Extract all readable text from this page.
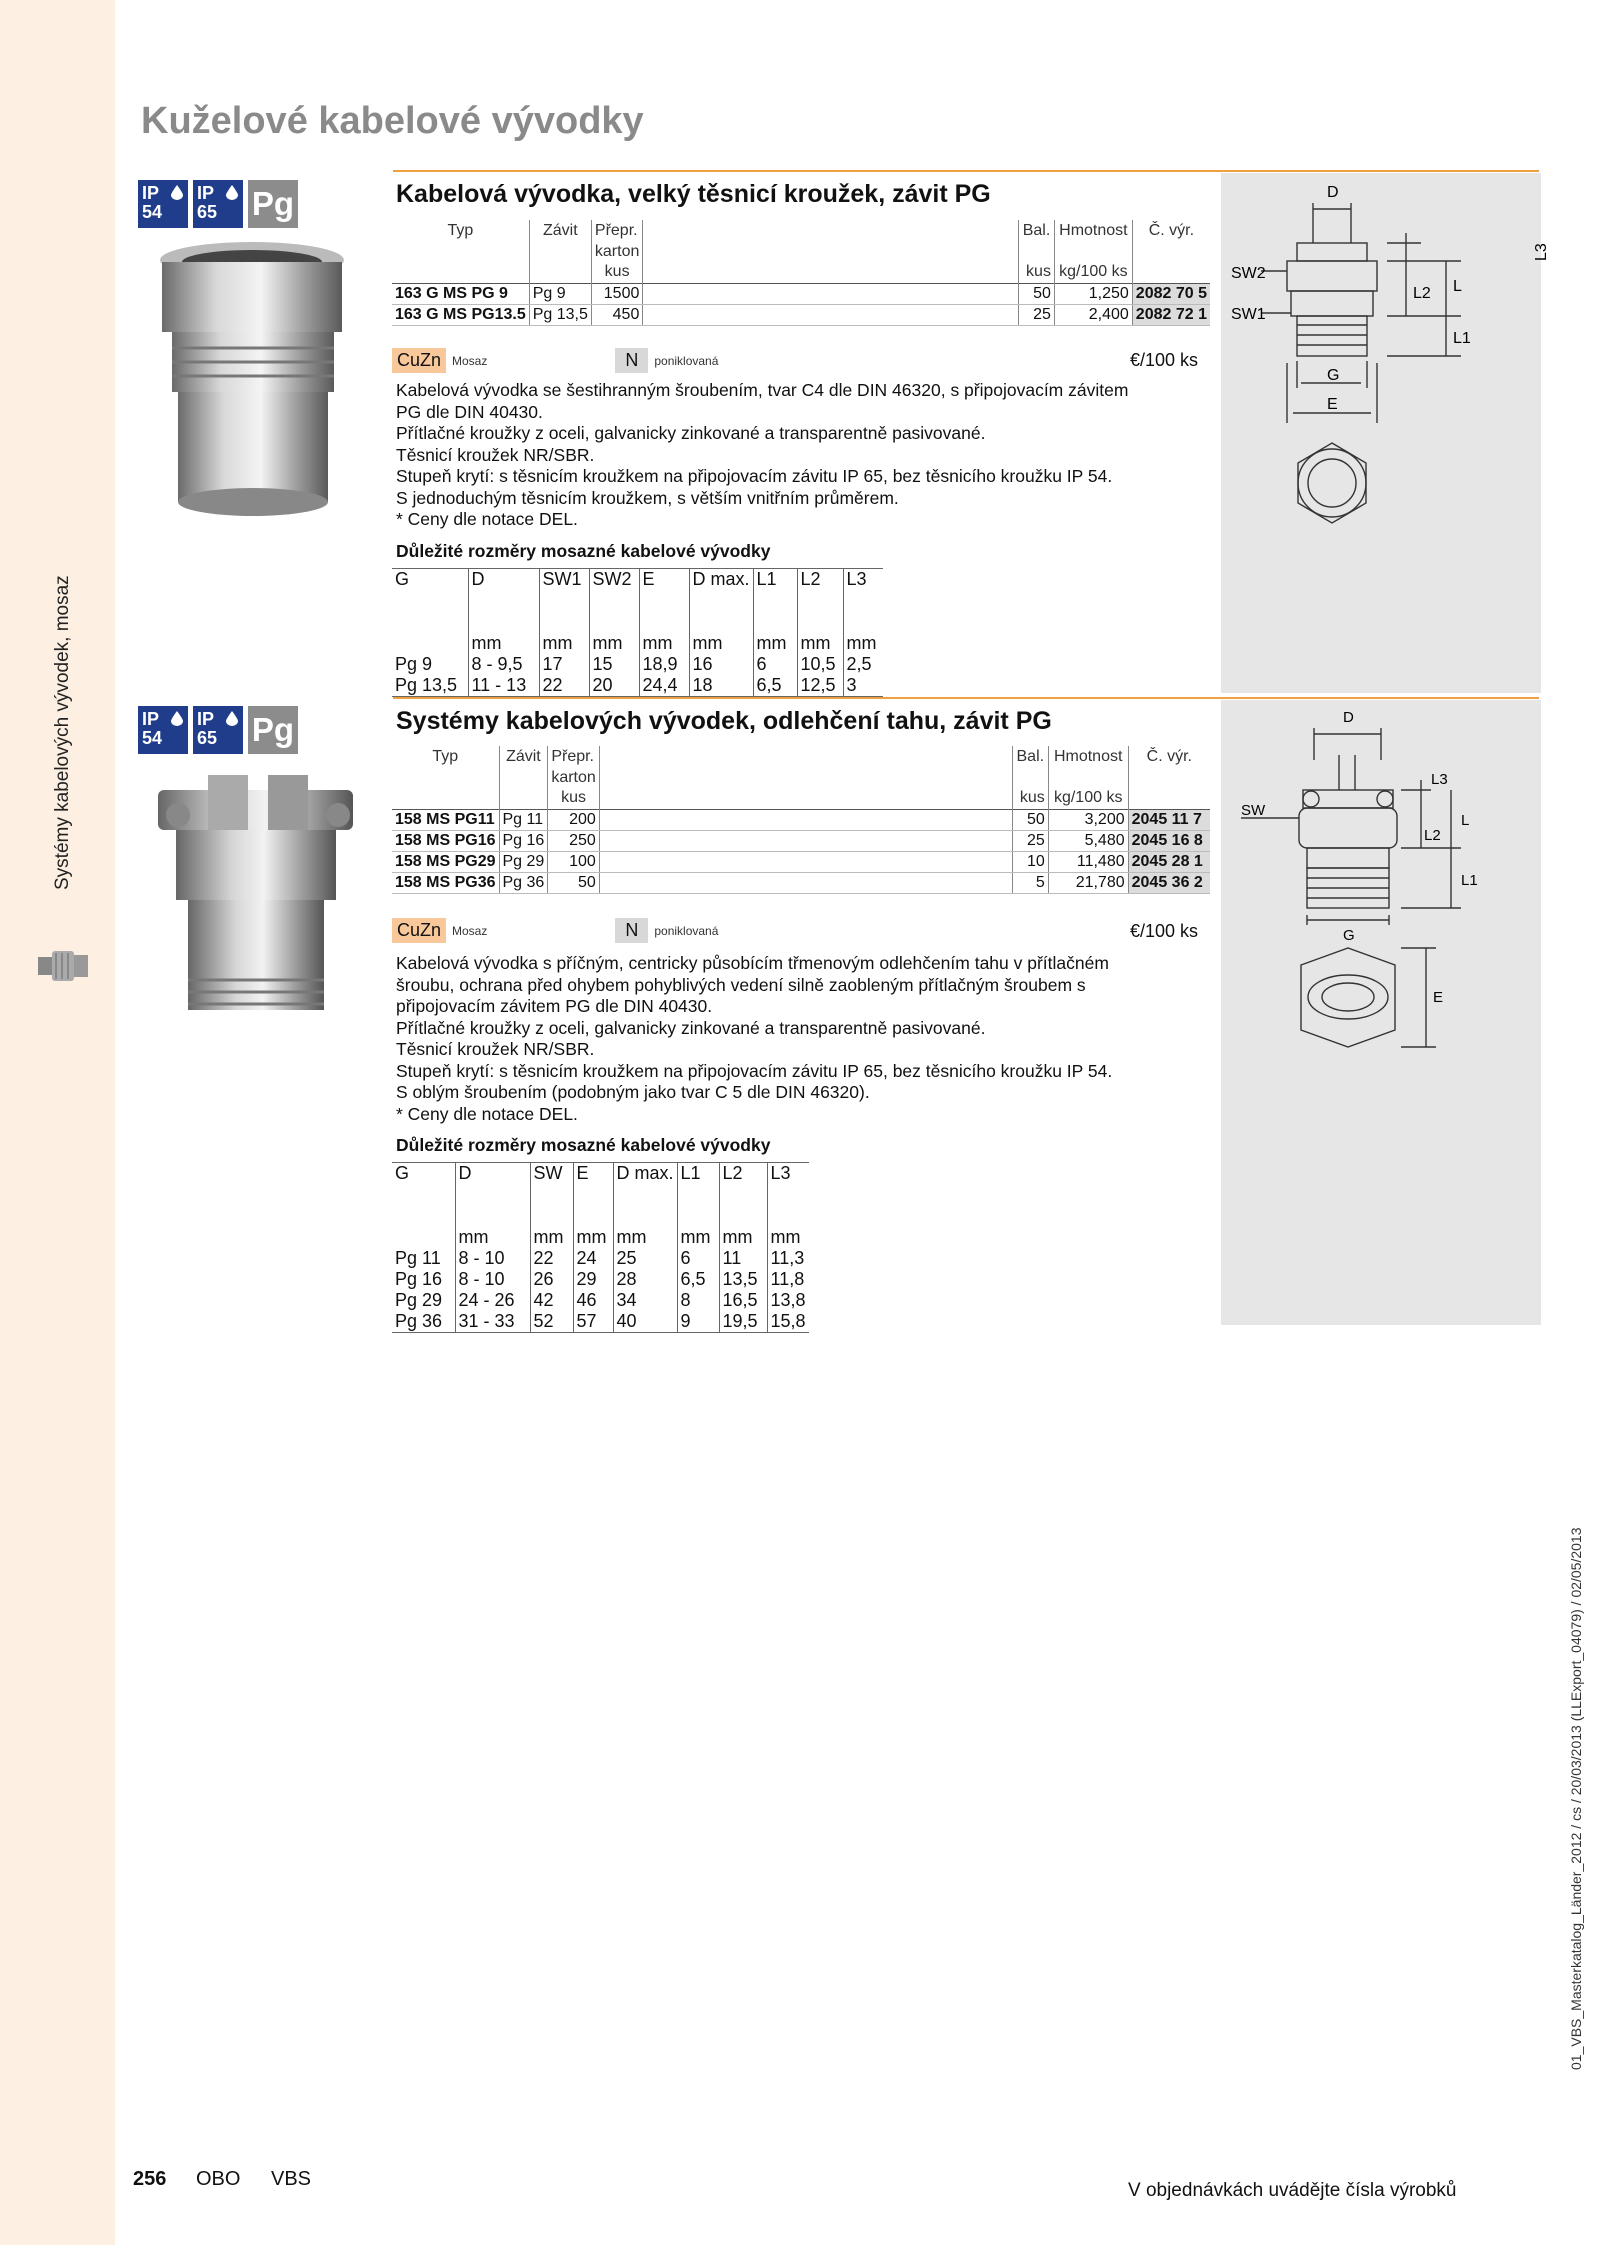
Systémy kabelových vývodek, mosaz
Kuželové kabelové vývodky
IP
54
IP
65	Pg	Kabelová vývodka, velký těsnicí kroužek, závit PG
Typ	Závit	Přepr.		Bal.	Hmotnost	Č. výr.
		karton				
		kus		kus	kg/100 ks	
163 G MS PG 9	Pg 9	1500		50	1,250	2082 70 5
163 G MS PG13.5	Pg 13,5	450		25	2,400	2082 72 1
CuZn Mosaz	N	poniklovaná	€/100 ks
Kabelová vývodka se šestihranným šroubením, tvar C4 dle DIN 46320, s připojovacím závitem
PG dle DIN 40430.
Přítlačné kroužky z oceli, galvanicky zinkované a transparentně pasivované.
Těsnicí kroužek NR/SBR.
Stupeň krytí: s těsnicím kroužkem na připojovacím závitu IP 65, bez těsnicího kroužku IP 54.
S jednoduchým těsnicím kroužkem, s větším vnitřním průměrem.
* Ceny dle notace DEL.
Důležité rozměry mosazné kabelové vývodky
G	D	SW1	SW2	E	D max.	L1	L2	L3
	mm	mm	mm	mm	mm	mm	mm	mm
Pg 9	8 - 9,5	17	15	18,9	16	6	10,5	2,5
Pg 13,5	11 - 13	22	20	24,4	18	6,5	12,5	3
D
SW2
SW1
L3
G
E
L2 L
L1
IP
54
IP
65	Pg	Systémy kabelových vývodek, odlehčení tahu, závit PG
Typ	Závit	Přepr.		Bal.	Hmotnost	Č. výr.
		karton				
		kus		kus	kg/100 ks	
158 MS PG11	Pg 11	200		50	3,200	2045 11 7
158 MS PG16	Pg 16	250		25	5,480	2045 16 8
158 MS PG29	Pg 29	100		10	11,480	2045 28 1
158 MS PG36	Pg 36	50		5	21,780	2045 36 2
CuZn Mosaz	N	poniklovaná	€/100 ks
Kabelová vývodka s příčným, centricky působícím třmenovým odlehčením tahu v přítlačném
šroubu, ochrana před ohybem pohyblivých vedení silně zaobleným přítlačným šroubem s
připojovacím závitem PG dle DIN 40430.
Přítlačné kroužky z oceli, galvanicky zinkované a transparentně pasivované.
Těsnicí kroužek NR/SBR.
Stupeň krytí: s těsnicím kroužkem na připojovacím závitu IP 65, bez těsnicího kroužku IP 54.
S oblým šroubením (podobným jako tvar C 5 dle DIN 46320).
* Ceny dle notace DEL.
Důležité rozměry mosazné kabelové vývodky
G	D	SW	E	D max.	L1	L2	L3
	mm	mm	mm	mm	mm	mm	mm
Pg 11	8 - 10	22	24	25	6	11	11,3
Pg 16	8 - 10	26	29	28	6,5	13,5	11,8
Pg 29	24 - 26	42	46	34	8	16,5	13,8
Pg 36	31 - 33	52	57	40	9	19,5	15,8
D
SW
L3
L
L2
L1
G
E
256 OBO VBS
V objednávkách uvádějte čísla výrobků
01_VBS_Masterkatalog_Länder_2012 / cs / 20/03/2013 (LLExport_04079) / 02/05/2013
